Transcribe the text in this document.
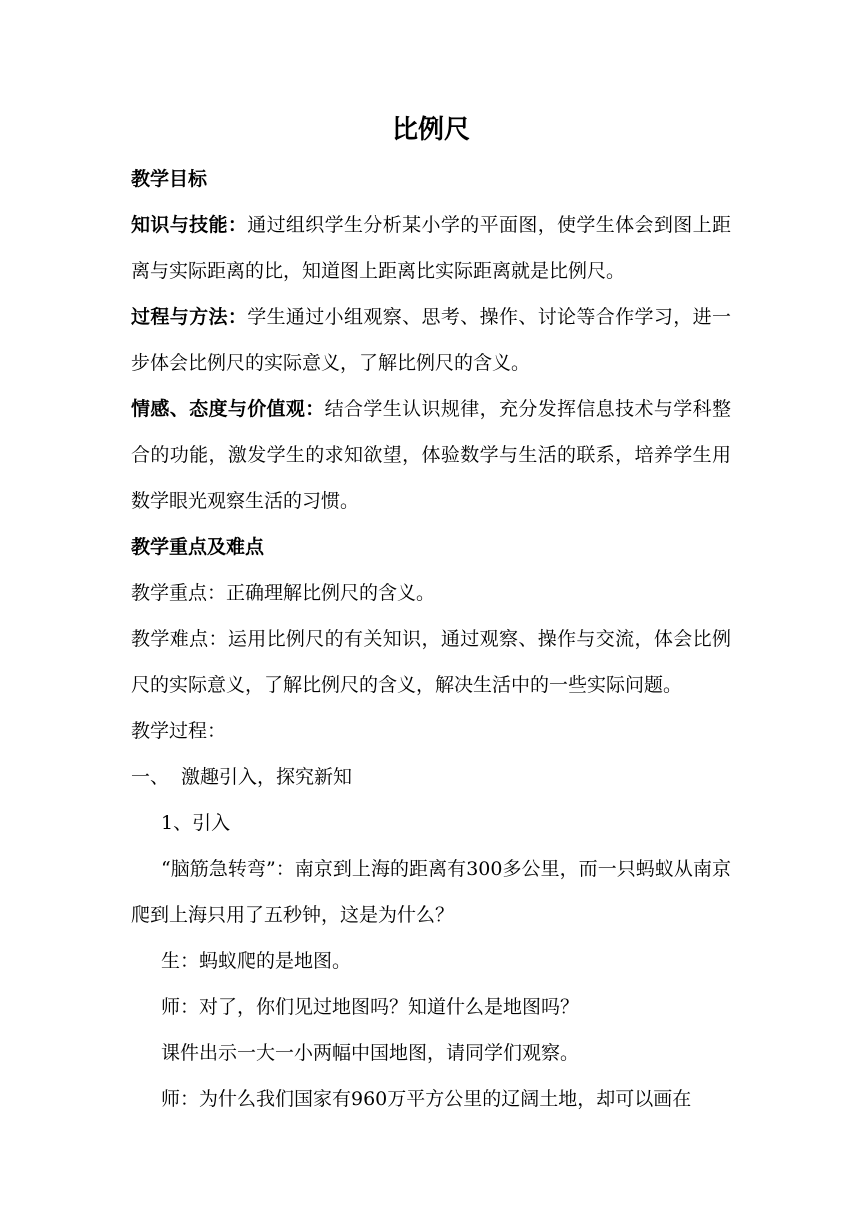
比例尺
教学目标

知识与技能：通过组织学生分析某小学的平面图，使学生体会到图上距离与实际距离的比，知道图上距离比实际距离就是比例尺。

过程与方法：学生通过小组观察、思考、操作、讨论等合作学习，进一步体会比例尺的实际意义，了解比例尺的含义。

情感、态度与价值观：结合学生认识规律，充分发挥信息技术与学科整合的功能，激发学生的求知欲望，体验数学与生活的联系，培养学生用数学眼光观察生活的习惯。

教学重点及难点

教学重点：正确理解比例尺的含义。

教学难点：运用比例尺的有关知识，通过观察、操作与交流，体会比例尺的实际意义，了解比例尺的含义，解决生活中的一些实际问题。

教学过程：

一、 激趣引入，探究新知

1、引入

“脑筋急转弯”：南京到上海的距离有300多公里，而一只蚂蚁从南京爬到上海只用了五秒钟，这是为什么？

生：蚂蚁爬的是地图。

师：对了，你们见过地图吗？知道什么是地图吗？

课件出示一大一小两幅中国地图，请同学们观察。

师：为什么我们国家有960万平方公里的辽阔土地，却可以画在
